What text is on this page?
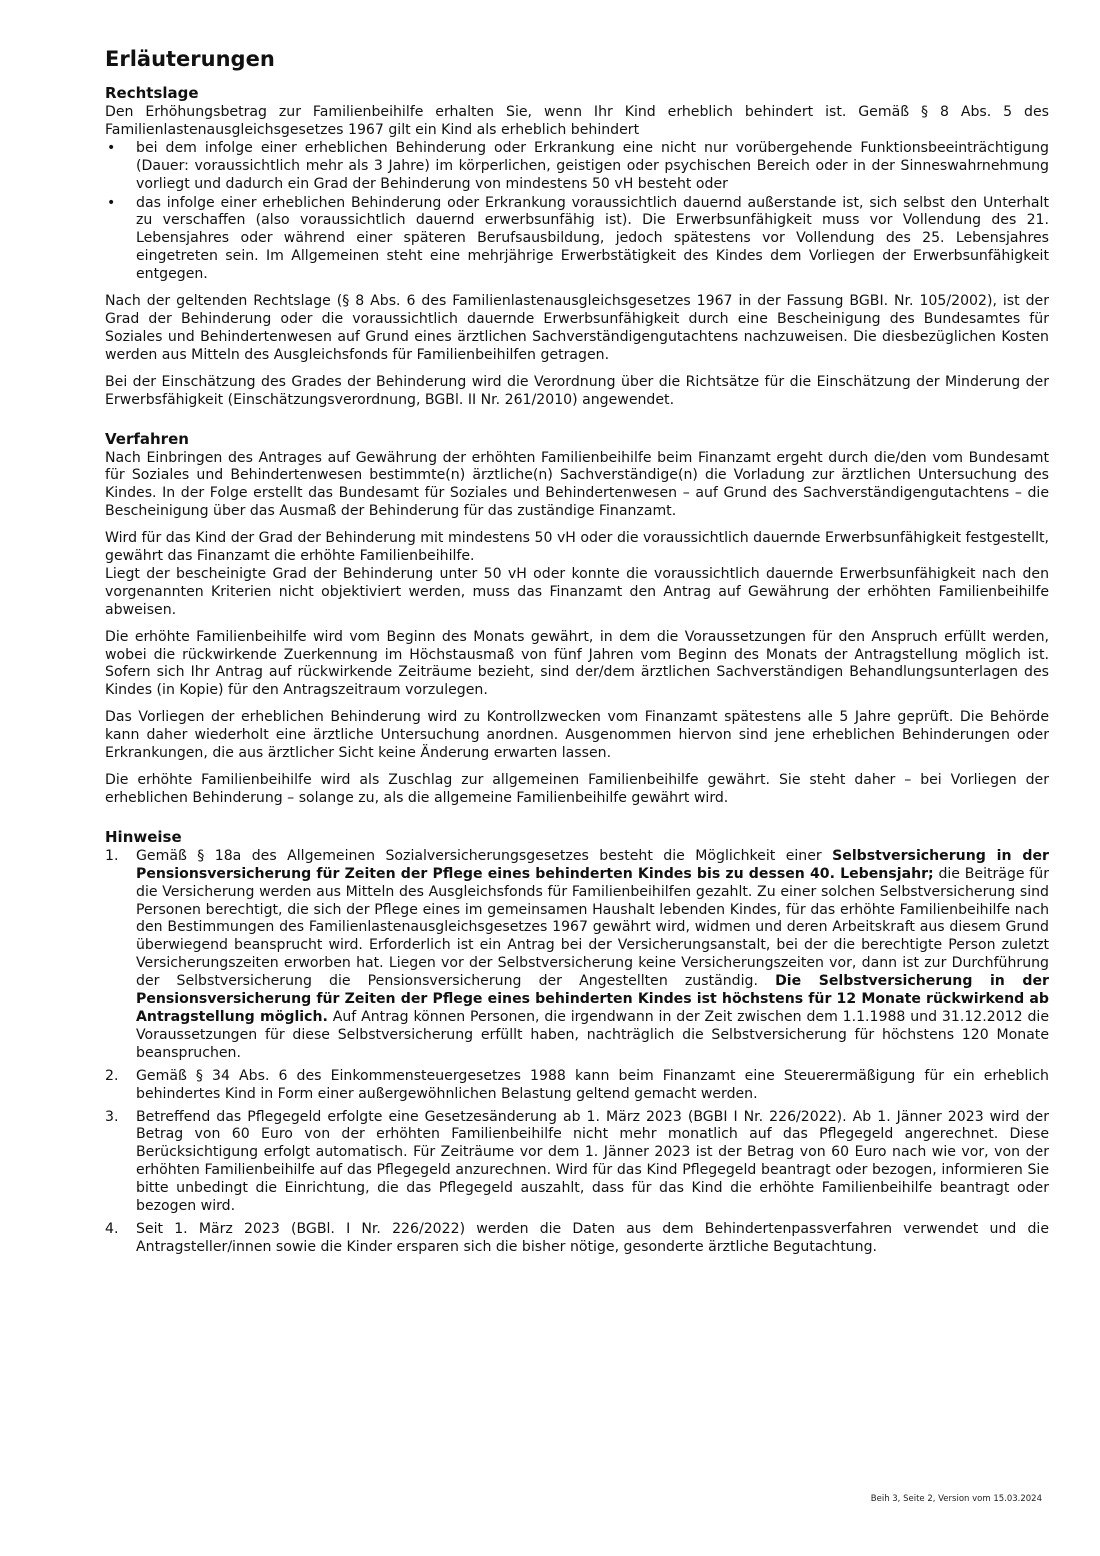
Erläuterungen
Rechtslage

Den Erhöhungsbetrag zur Familienbeihilfe erhalten Sie, wenn Ihr Kind erheblich behindert ist. Gemäß § 8 Abs. 5 des Familienlastenausgleichsgesetzes 1967 gilt ein Kind als erheblich behindert

• bei dem infolge einer erheblichen Behinderung oder Erkrankung eine nicht nur vorübergehende Funktionsbeeinträchtigung (Dauer: voraussichtlich mehr als 3 Jahre) im körperlichen, geistigen oder psychischen Bereich oder in der Sinneswahrnehmung vorliegt und dadurch ein Grad der Behinderung von mindestens 50 vH besteht oder
• das infolge einer erheblichen Behinderung oder Erkrankung voraussichtlich dauernd außerstande ist, sich selbst den Unterhalt zu verschaffen (also voraussichtlich dauernd erwerbsunfähig ist). Die Erwerbsunfähigkeit muss vor Vollendung des 21. Lebensjahres oder während einer späteren Berufsausbildung, jedoch spätestens vor Vollendung des 25. Lebensjahres eingetreten sein. Im Allgemeinen steht eine mehrjährige Erwerbstätigkeit des Kindes dem Vorliegen der Erwerbsunfähigkeit entgegen.

Nach der geltenden Rechtslage (§ 8 Abs. 6 des Familienlastenausgleichsgesetzes 1967 in der Fassung BGBI. Nr. 105/2002), ist der Grad der Behinderung oder die voraussichtlich dauernde Erwerbsunfähigkeit durch eine Bescheinigung des Bundesamtes für Soziales und Behindertenwesen auf Grund eines ärztlichen Sachverständigengutachtens nachzuweisen. Die diesbezüglichen Kosten werden aus Mitteln des Ausgleichsfonds für Familienbeihilfen getragen.

Bei der Einschätzung des Grades der Behinderung wird die Verordnung über die Richtsätze für die Einschätzung der Minderung der Erwerbsfähigkeit (Einschätzungsverordnung, BGBl. II Nr. 261/2010) angewendet.

Verfahren

Nach Einbringen des Antrages auf Gewährung der erhöhten Familienbeihilfe beim Finanzamt ergeht durch die/den vom Bundesamt für Soziales und Behindertenwesen bestimmte(n) ärztliche(n) Sachverständige(n) die Vorladung zur ärztlichen Untersuchung des Kindes. In der Folge erstellt das Bundesamt für Soziales und Behindertenwesen – auf Grund des Sachverständigengutachtens – die Bescheinigung über das Ausmaß der Behinderung für das zuständige Finanzamt.

Wird für das Kind der Grad der Behinderung mit mindestens 50 vH oder die voraussichtlich dauernde Erwerbsunfähigkeit festgestellt, gewährt das Finanzamt die erhöhte Familienbeihilfe.

Liegt der bescheinigte Grad der Behinderung unter 50 vH oder konnte die voraussichtlich dauernde Erwerbsunfähigkeit nach den vorgenannten Kriterien nicht objektiviert werden, muss das Finanzamt den Antrag auf Gewährung der erhöhten Familienbeihilfe abweisen.

Die erhöhte Familienbeihilfe wird vom Beginn des Monats gewährt, in dem die Voraussetzungen für den Anspruch erfüllt werden, wobei die rückwirkende Zuerkennung im Höchstausmaß von fünf Jahren vom Beginn des Monats der Antragstellung möglich ist. Sofern sich Ihr Antrag auf rückwirkende Zeiträume bezieht, sind der/dem ärztlichen Sachverständigen Behandlungsunterlagen des Kindes (in Kopie) für den Antragszeitraum vorzulegen.

Das Vorliegen der erheblichen Behinderung wird zu Kontrollzwecken vom Finanzamt spätestens alle 5 Jahre geprüft. Die Behörde kann daher wiederholt eine ärztliche Untersuchung anordnen. Ausgenommen hiervon sind jene erheblichen Behinderungen oder Erkrankungen, die aus ärztlicher Sicht keine Änderung erwarten lassen.

Die erhöhte Familienbeihilfe wird als Zuschlag zur allgemeinen Familienbeihilfe gewährt. Sie steht daher – bei Vorliegen der erheblichen Behinderung – solange zu, als die allgemeine Familienbeihilfe gewährt wird.

Hinweise
1. Gemäß § 18a des Allgemeinen Sozialversicherungsgesetzes besteht die Möglichkeit einer Selbstversicherung in der Pensionsversicherung für Zeiten der Pflege eines behinderten Kindes bis zu dessen 40. Lebensjahr; die Beiträge für die Versicherung werden aus Mitteln des Ausgleichsfonds für Familienbeihilfen gezahlt. Zu einer solchen Selbstversicherung sind Personen berechtigt, die sich der Pflege eines im gemeinsamen Haushalt lebenden Kindes, für das erhöhte Familienbeihilfe nach den Bestimmungen des Familienlastenausgleichsgesetzes 1967 gewährt wird, widmen und deren Arbeitskraft aus diesem Grund überwiegend beansprucht wird. Erforderlich ist ein Antrag bei der Versicherungsanstalt, bei der die berechtigte Person zuletzt Versicherungszeiten erworben hat. Liegen vor der Selbstversicherung keine Versicherungszeiten vor, dann ist zur Durchführung der Selbstversicherung die Pensionsversicherung der Angestellten zuständig. Die Selbstversicherung in der Pensionsversicherung für Zeiten der Pflege eines behinderten Kindes ist höchstens für 12 Monate rückwirkend ab Antragstellung möglich. Auf Antrag können Personen, die irgendwann in der Zeit zwischen dem 1.1.1988 und 31.12.2012 die Voraussetzungen für diese Selbstversicherung erfüllt haben, nachträglich die Selbstversicherung für höchstens 120 Monate beanspruchen.
2. Gemäß § 34 Abs. 6 des Einkommensteuergesetzes 1988 kann beim Finanzamt eine Steuerermäßigung für ein erheblich behindertes Kind in Form einer außergewöhnlichen Belastung geltend gemacht werden.
3. Betreffend das Pflegegeld erfolgte eine Gesetzesänderung ab 1. März 2023 (BGBI I Nr. 226/2022). Ab 1. Jänner 2023 wird der Betrag von 60 Euro von der erhöhten Familienbeihilfe nicht mehr monatlich auf das Pflegegeld angerechnet. Diese Berücksichtigung erfolgt automatisch. Für Zeiträume vor dem 1. Jänner 2023 ist der Betrag von 60 Euro nach wie vor, von der erhöhten Familienbeihilfe auf das Pflegegeld anzurechnen. Wird für das Kind Pflegegeld beantragt oder bezogen, informieren Sie bitte unbedingt die Einrichtung, die das Pflegegeld auszahlt, dass für das Kind die erhöhte Familienbeihilfe beantragt oder bezogen wird.
4. Seit 1. März 2023 (BGBl. I Nr. 226/2022) werden die Daten aus dem Behindertenpassverfahren verwendet und die Antragsteller/innen sowie die Kinder ersparen sich die bisher nötige, gesonderte ärztliche Begutachtung.
Beih 3, Seite 2, Version vom 15.03.2024
